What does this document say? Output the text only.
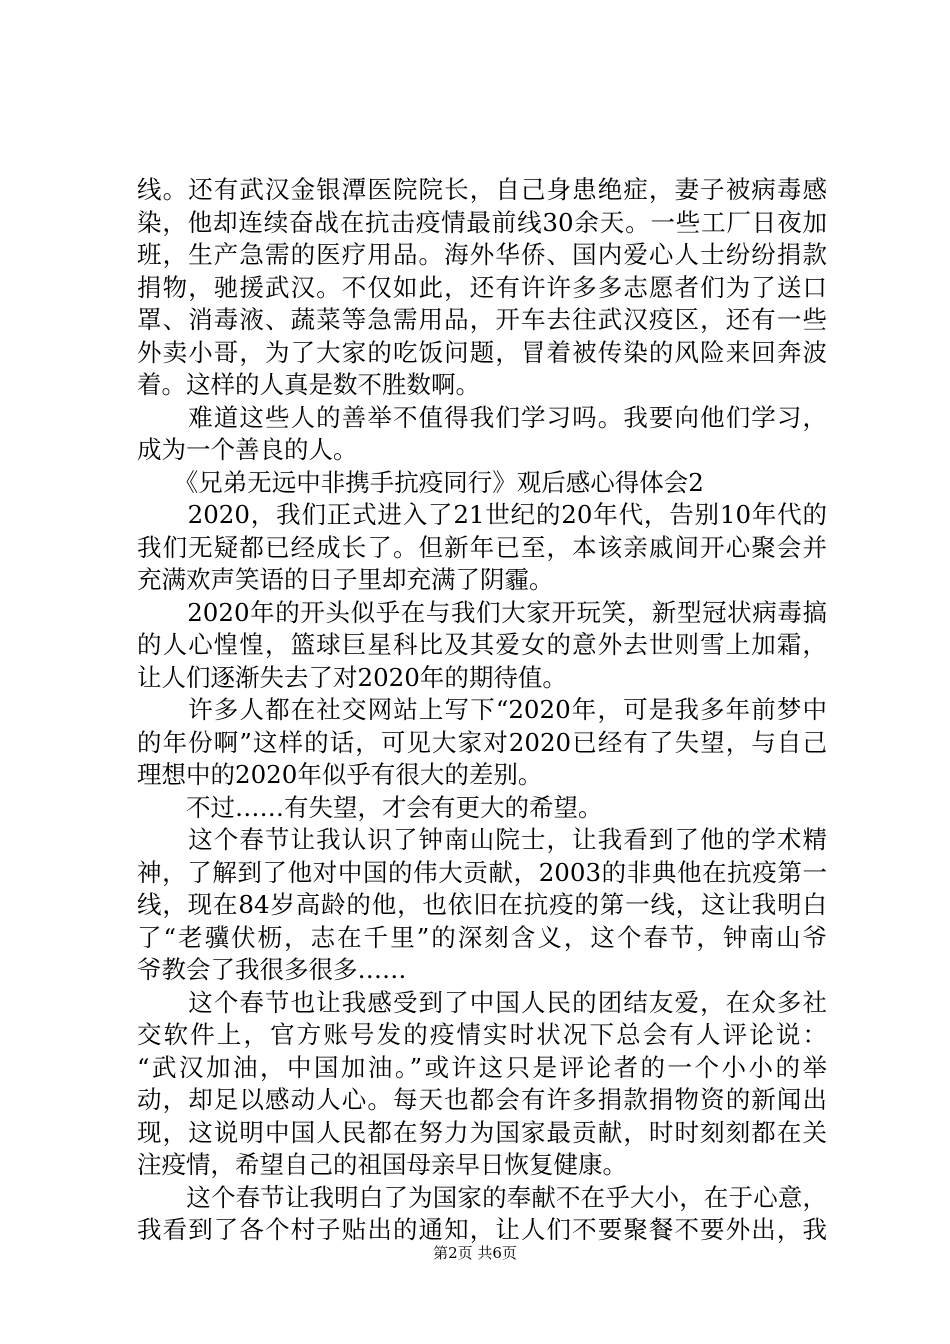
线。还有武汉金银潭医院院长，自己身患绝症，妻子被病毒感
染，他却连续奋战在抗击疫情最前线30余天。一些工厂日夜加
班，生产急需的医疗用品。海外华侨、国内爱心人士纷纷捐款
捐物，驰援武汉。不仅如此，还有许许多多志愿者们为了送口
罩、消毒液、蔬菜等急需用品，开车去往武汉疫区，还有一些
外卖小哥，为了大家的吃饭问题，冒着被传染的风险来回奔波
着。这样的人真是数不胜数啊。
　　难道这些人的善举不值得我们学习吗。我要向他们学习，
成为一个善良的人。
　　《兄弟无远中非携手抗疫同行》观后感心得体会2
　　2020，我们正式进入了21世纪的20年代，告别10年代的
我们无疑都已经成长了。但新年已至，本该亲戚间开心聚会并
充满欢声笑语的日子里却充满了阴霾。
　　2020年的开头似乎在与我们大家开玩笑，新型冠状病毒搞
的人心惶惶，篮球巨星科比及其爱女的意外去世则雪上加霜，
让人们逐渐失去了对2020年的期待值。
　　许多人都在社交网站上写下“2020年，可是我多年前梦中
的年份啊”这样的话，可见大家对2020已经有了失望，与自己
理想中的2020年似乎有很大的差别。
　　不过……有失望，才会有更大的希望。
　　这个春节让我认识了钟南山院士，让我看到了他的学术精
神，了解到了他对中国的伟大贡献，2003的非典他在抗疫第一
线，现在84岁高龄的他，也依旧在抗疫的第一线，这让我明白
了“老骥伏枥，志在千里”的深刻含义，这个春节，钟南山爷
爷教会了我很多很多……
　　这个春节也让我感受到了中国人民的团结友爱，在众多社
交软件上，官方账号发的疫情实时状况下总会有人评论说：
“武汉加油，中国加油。”或许这只是评论者的一个小小的举
动，却足以感动人心。每天也都会有许多捐款捐物资的新闻出
现，这说明中国人民都在努力为国家最贡献，时时刻刻都在关
注疫情，希望自己的祖国母亲早日恢复健康。
　　这个春节让我明白了为国家的奉献不在乎大小，在于心意，
我看到了各个村子贴出的通知，让人们不要聚餐不要外出，我
第2页 共6页
